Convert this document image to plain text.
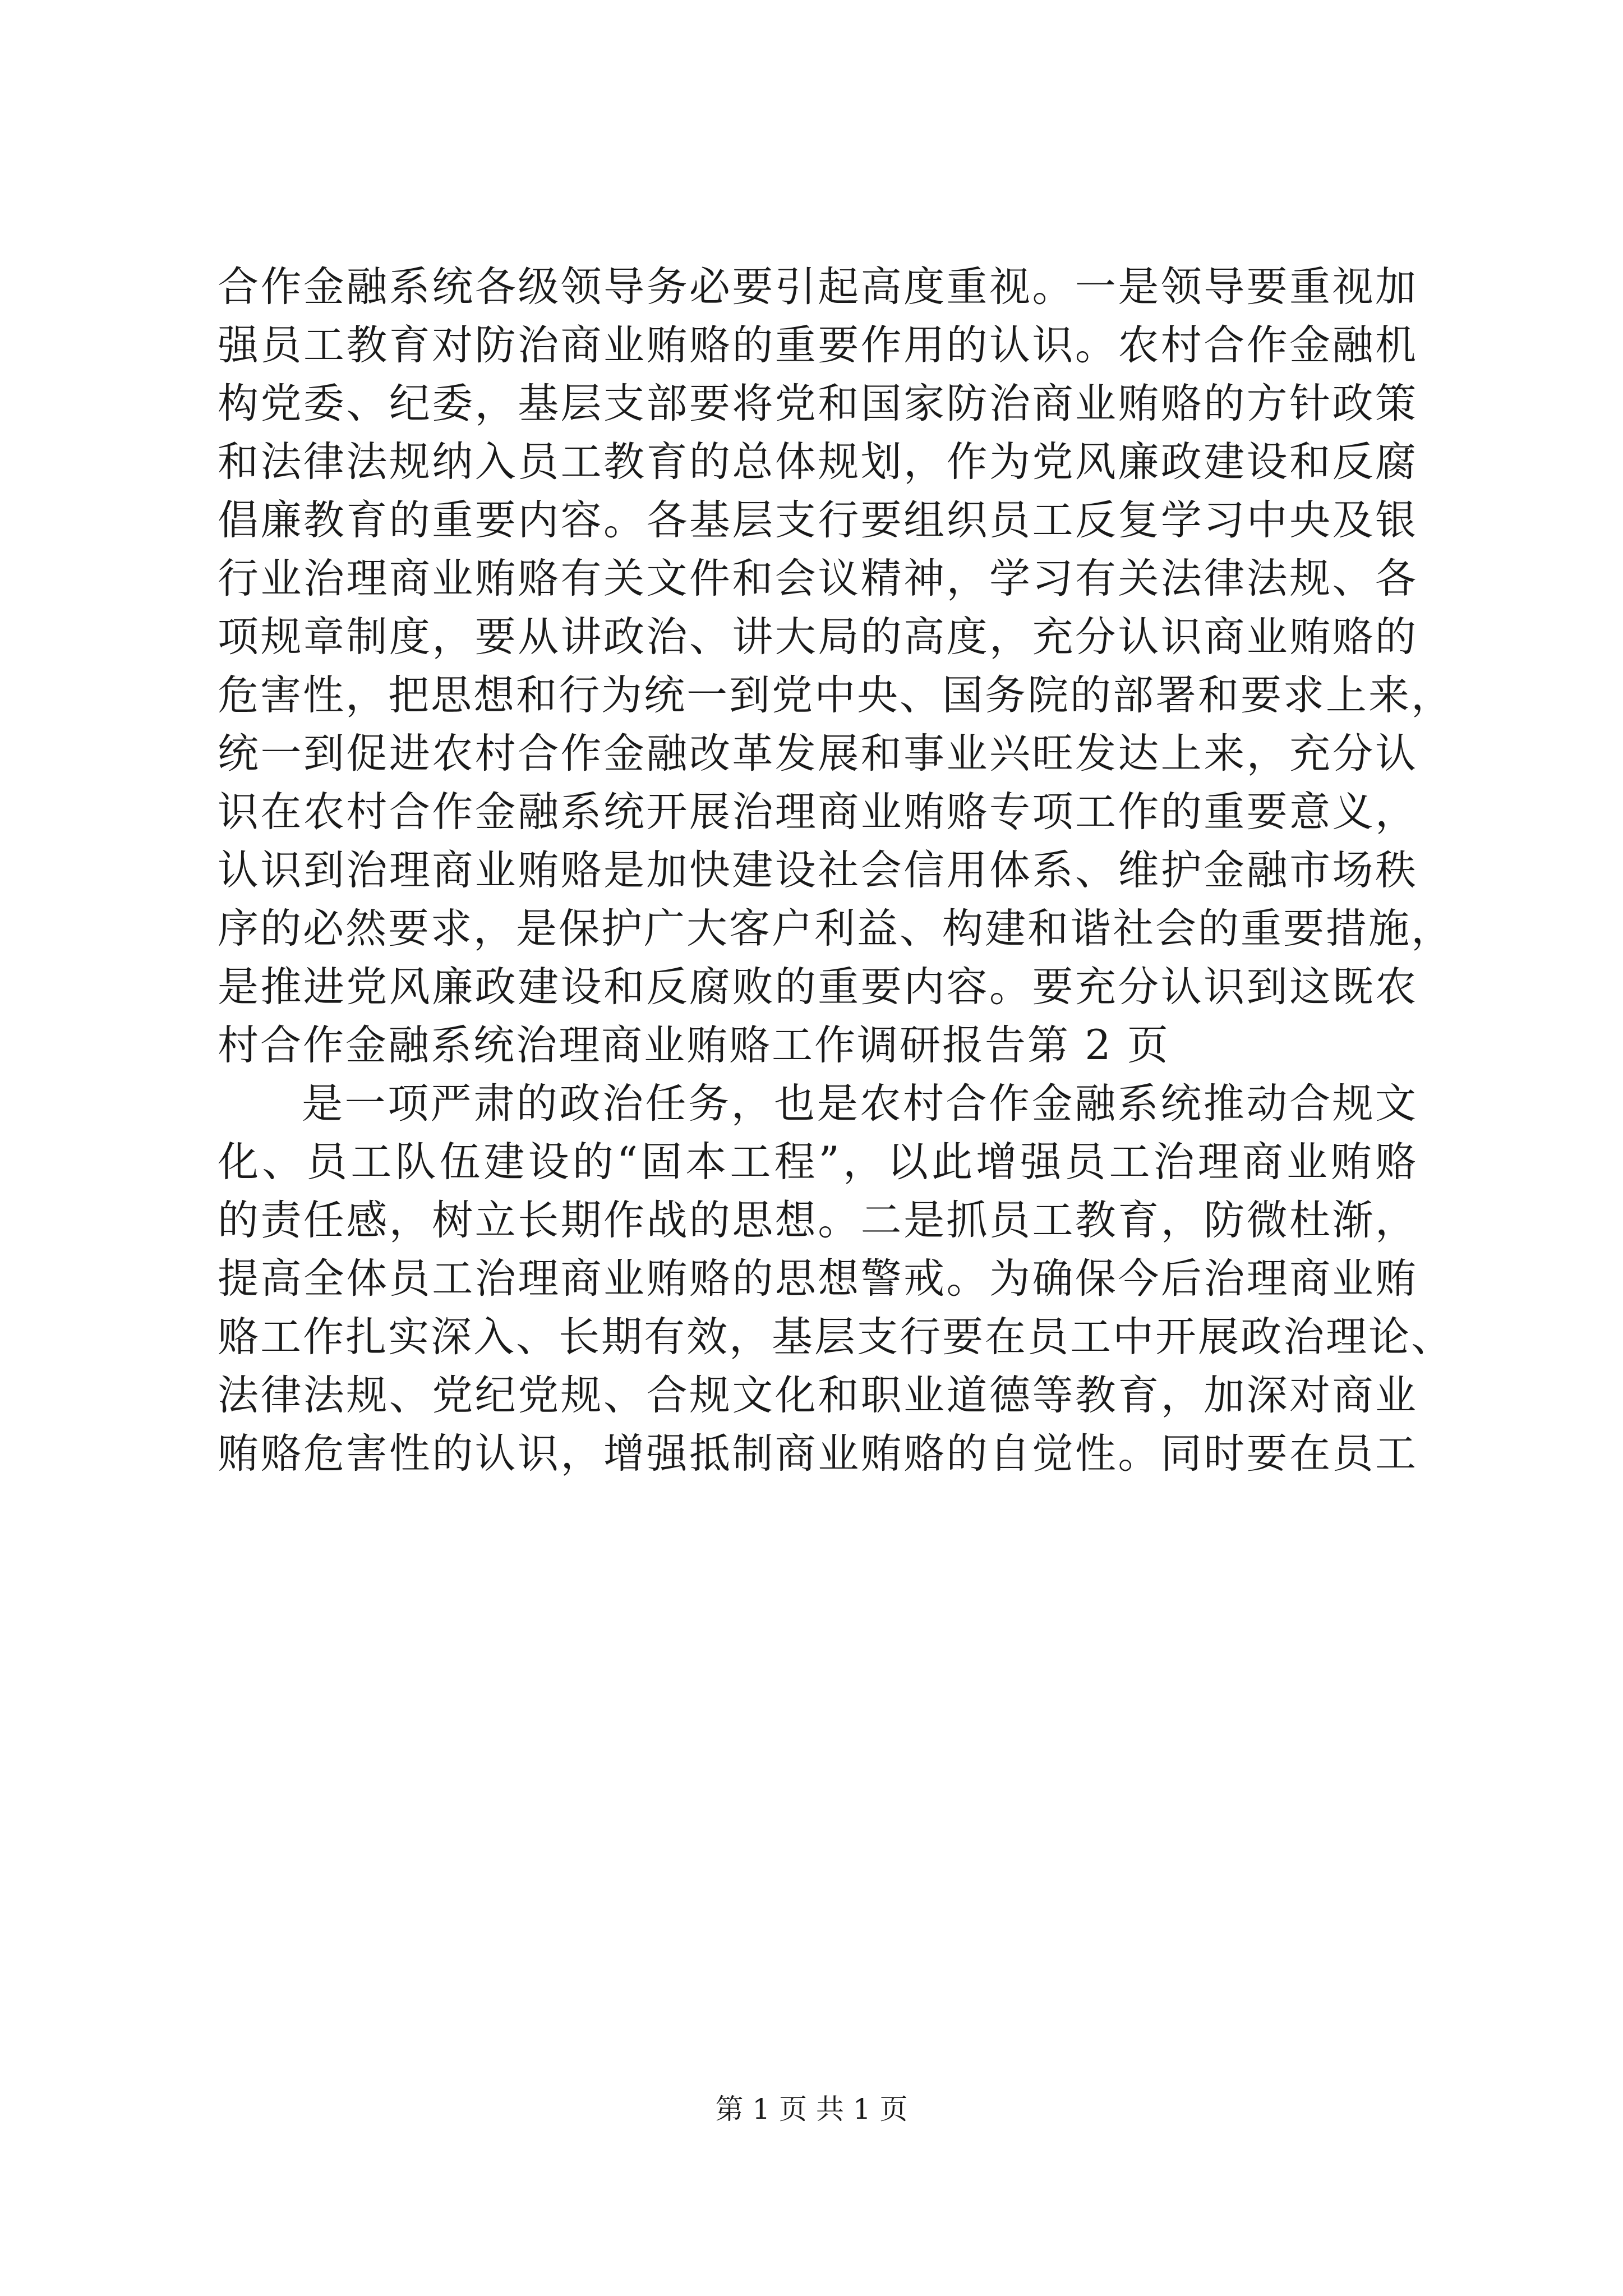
合作金融系统各级领导务必要引起高度重视。一是领导要重视加
强员工教育对防治商业贿赂的重要作用的认识。农村合作金融机
构党委、纪委，基层支部要将党和国家防治商业贿赂的方针政策
和法律法规纳入员工教育的总体规划，作为党风廉政建设和反腐
倡廉教育的重要内容。各基层支行要组织员工反复学习中央及银
行业治理商业贿赂有关文件和会议精神，学习有关法律法规、各
项规章制度，要从讲政治、讲大局的高度，充分认识商业贿赂的
危害性，把思想和行为统一到党中央、国务院的部署和要求上来，
统一到促进农村合作金融改革发展和事业兴旺发达上来，充分认
识在农村合作金融系统开展治理商业贿赂专项工作的重要意义，
认识到治理商业贿赂是加快建设社会信用体系、维护金融市场秩
序的必然要求，是保护广大客户利益、构建和谐社会的重要措施，
是推进党风廉政建设和反腐败的重要内容。要充分认识到这既农
村合作金融系统治理商业贿赂工作调研报告第 2 页
是一项严肃的政治任务，也是农村合作金融系统推动合规文
化、员工队伍建设的“固本工程”，以此增强员工治理商业贿赂
的责任感，树立长期作战的思想。二是抓员工教育，防微杜渐，
提高全体员工治理商业贿赂的思想警戒。为确保今后治理商业贿
赂工作扎实深入、长期有效，基层支行要在员工中开展政治理论、
法律法规、党纪党规、合规文化和职业道德等教育，加深对商业
贿赂危害性的认识，增强抵制商业贿赂的自觉性。同时要在员工
第 1 页 共 1 页
